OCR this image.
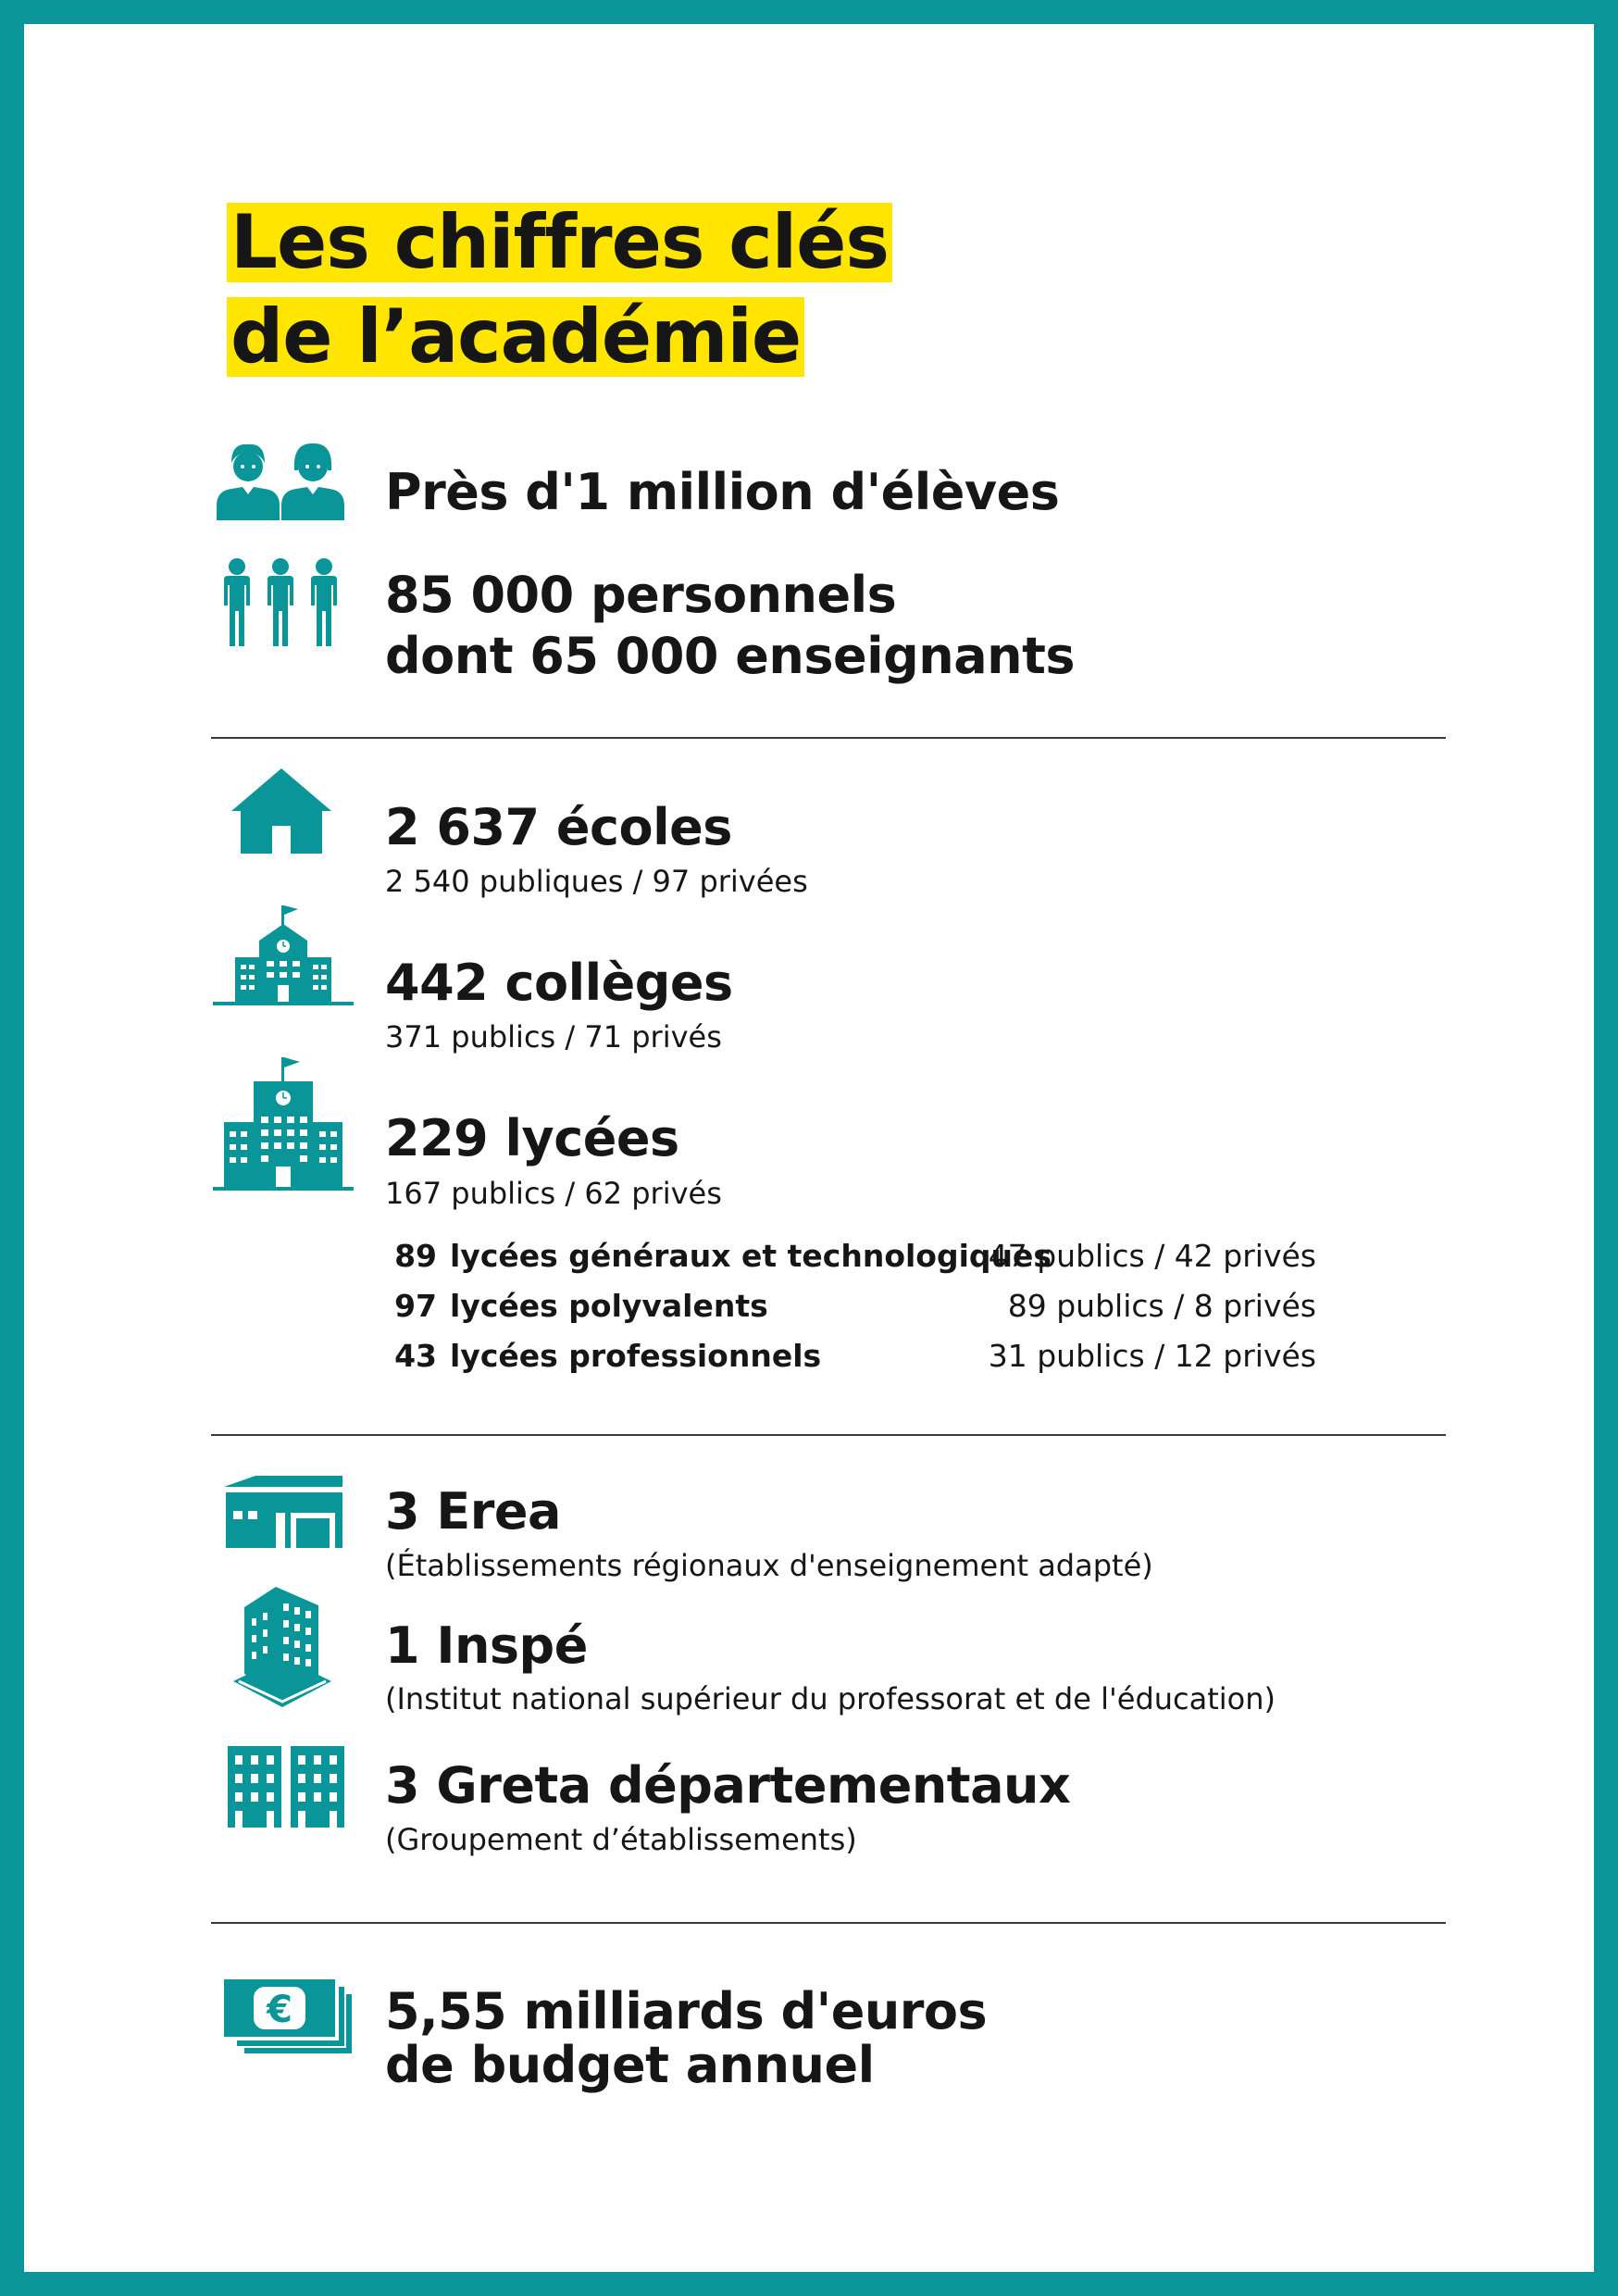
Les chiffres clés
de l’académie
Près d'1 million d'élèves
85 000 personnels
dont 65 000 enseignants
2 637 écoles
2 540 publiques / 97 privées
442 collèges
371 publics / 71 privés
229 lycées
167 publics / 62 privés
89 lycées généraux et technologiques
47 publics / 42 privés
97 lycées polyvalents	89 publics / 8 privés
43 lycées professionnels	31 publics / 12 privés
3 Erea
(Établissements régionaux d'enseignement adapté)
1 Inspé
(Institut national supérieur du professorat et de l'éducation)
3 Greta départementaux
(Groupement d’établissements)
€ 5,55 milliards d'euros
de budget annuel
